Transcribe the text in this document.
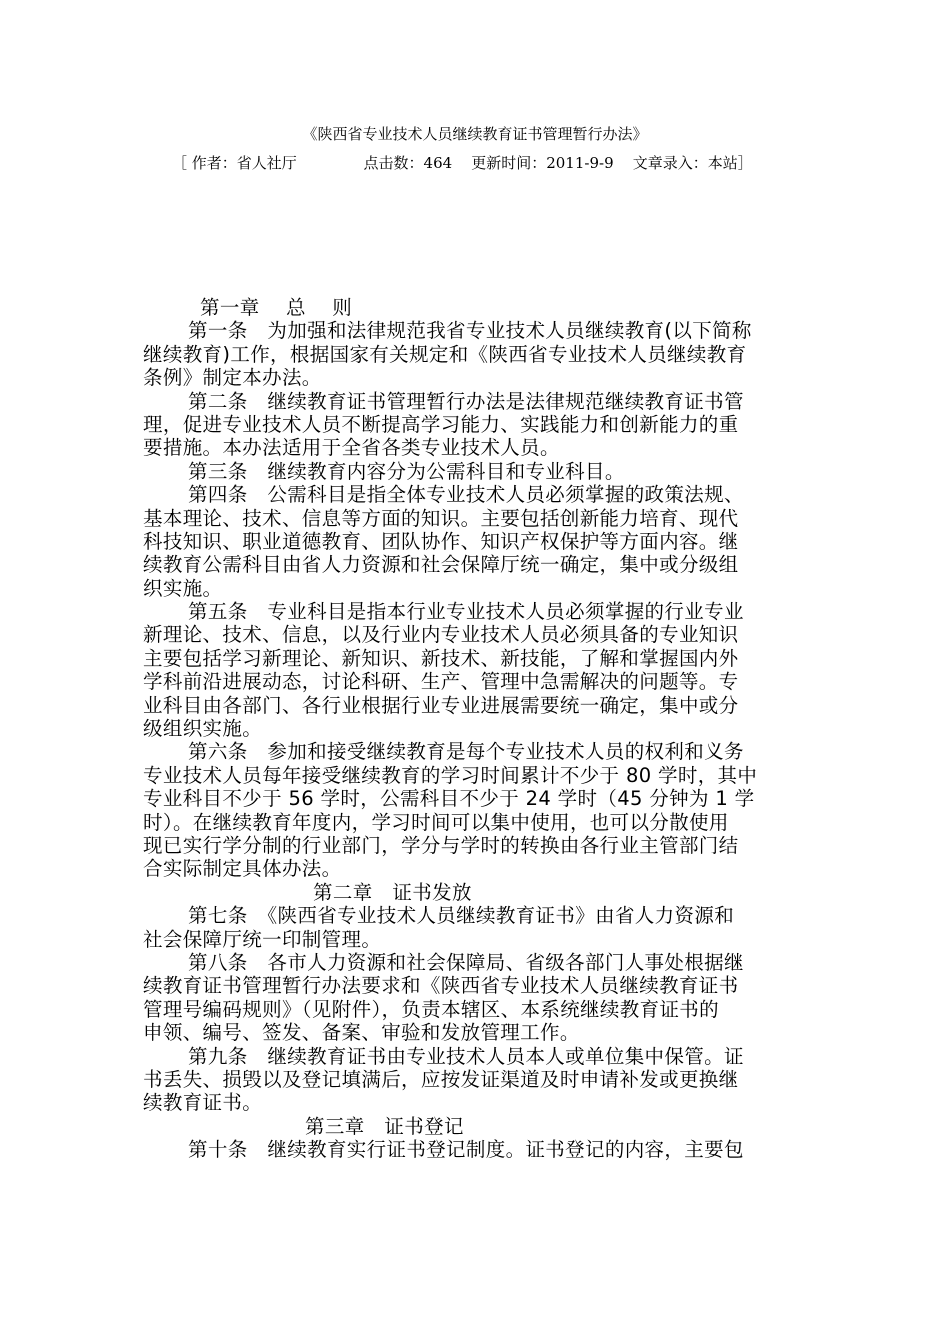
《陕西省专业技术人员继续教育证书管理暂行办法》
［ 作者：省人社厅              点击数：464    更新时间：2011-9-9    文章录入：本站］
第一章　 总　 则
第一条　为加强和法律规范我省专业技术人员继续教育(以下简称
继续教育)工作，根据国家有关规定和《陕西省专业技术人员继续教育
条例》制定本办法。
第二条　继续教育证书管理暂行办法是法律规范继续教育证书管
理，促进专业技术人员不断提高学习能力、实践能力和创新能力的重
要措施。本办法适用于全省各类专业技术人员。
第三条　继续教育内容分为公需科目和专业科目。
第四条　公需科目是指全体专业技术人员必须掌握的政策法规、
基本理论、技术、信息等方面的知识。主要包括创新能力培育、现代
科技知识、职业道德教育、团队协作、知识产权保护等方面内容。继
续教育公需科目由省人力资源和社会保障厅统一确定，集中或分级组
织实施。
第五条　专业科目是指本行业专业技术人员必须掌握的行业专业
新理论、技术、信息，以及行业内专业技术人员必须具备的专业知识
主要包括学习新理论、新知识、新技术、新技能，了解和掌握国内外
学科前沿进展动态，讨论科研、生产、管理中急需解决的问题等。专
业科目由各部门、各行业根据行业专业进展需要统一确定，集中或分
级组织实施。
第六条　参加和接受继续教育是每个专业技术人员的权利和义务
专业技术人员每年接受继续教育的学习时间累计不少于 80 学时，其中
专业科目不少于 56 学时，公需科目不少于 24 学时（45 分钟为 1 学
时）。在继续教育年度内，学习时间可以集中使用，也可以分散使用
现已实行学分制的行业部门，学分与学时的转换由各行业主管部门结
合实际制定具体办法。
第二章　证书发放
第七条　《陕西省专业技术人员继续教育证书》由省人力资源和
社会保障厅统一印制管理。
第八条　各市人力资源和社会保障局、省级各部门人事处根据继
续教育证书管理暂行办法要求和《陕西省专业技术人员继续教育证书
管理号编码规则》（见附件），负责本辖区、本系统继续教育证书的
申领、编号、签发、备案、审验和发放管理工作。
第九条　继续教育证书由专业技术人员本人或单位集中保管。证
书丢失、损毁以及登记填满后，应按发证渠道及时申请补发或更换继
续教育证书。
第三章　证书登记
第十条　继续教育实行证书登记制度。证书登记的内容，主要包
